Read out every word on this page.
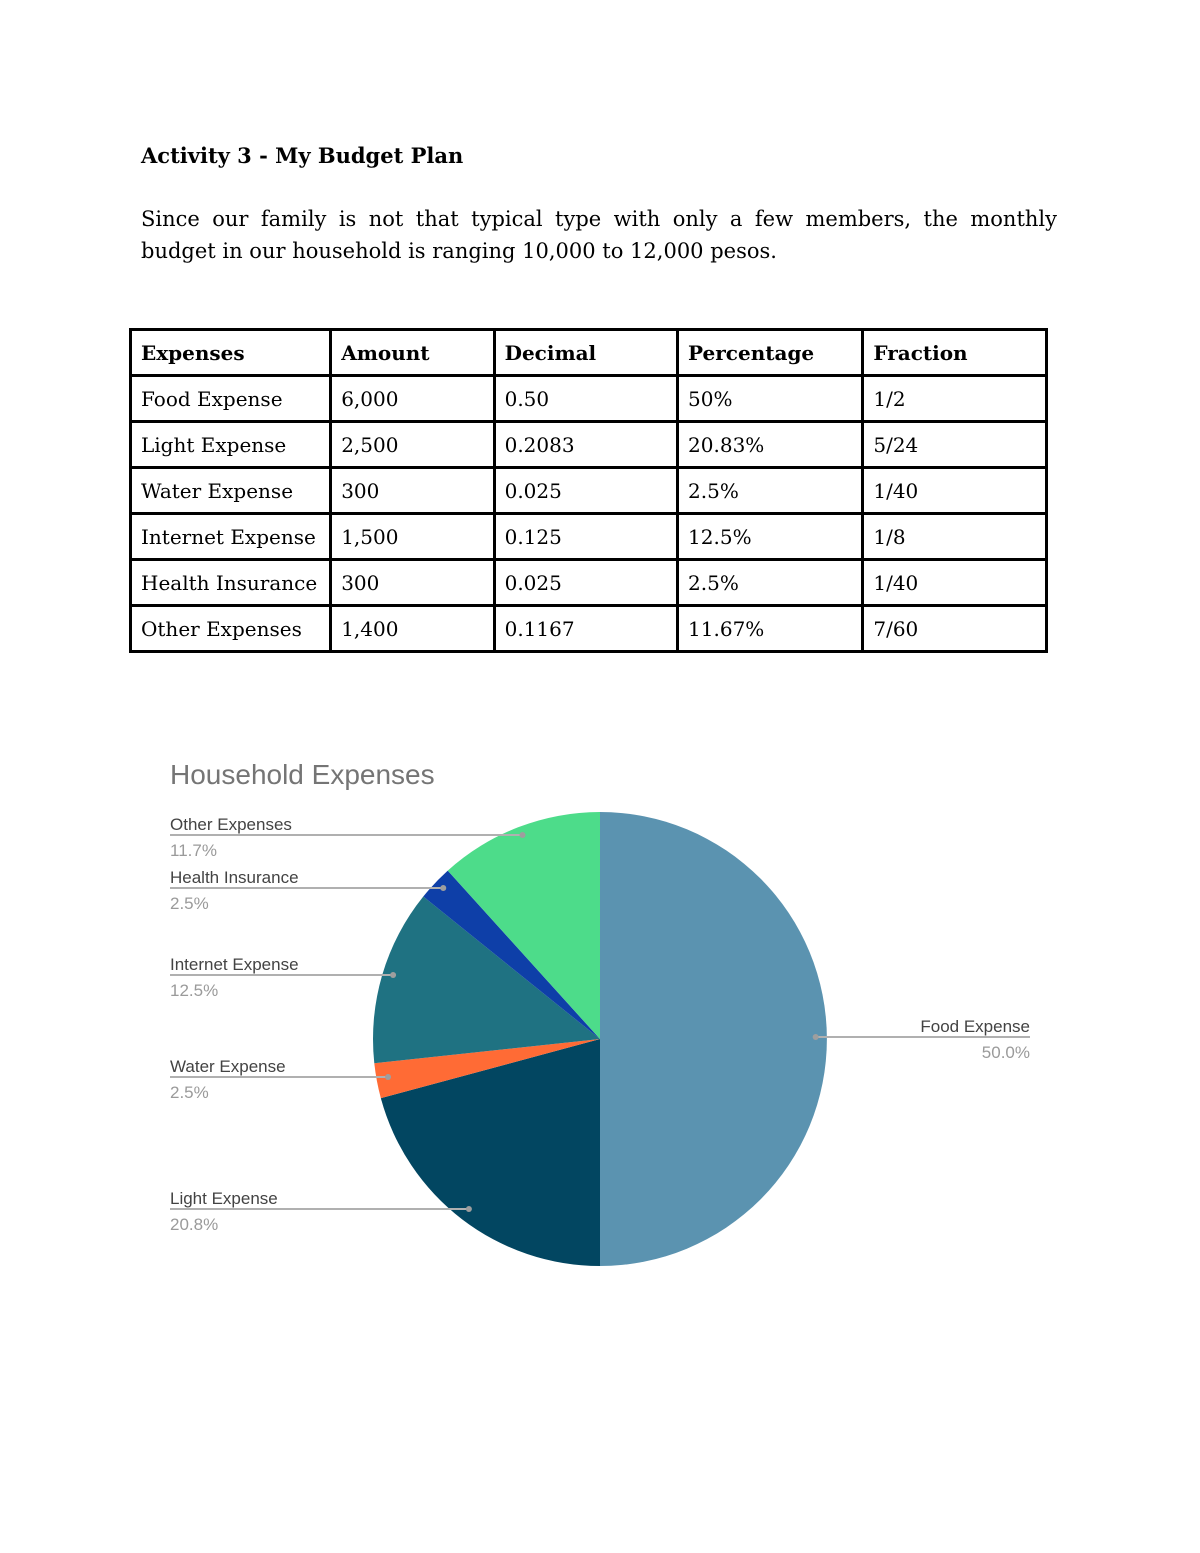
Activity 3 - My Budget Plan
Since our family is not that typical type with only a few members, the monthly budget in our household is ranging 10,000 to 12,000 pesos.
Expenses	Amount	Decimal	Percentage	Fraction
Food Expense	6,000	0.50	50%	1/2
Light Expense	2,500	0.2083	20.83%	5/24
Water Expense	300	0.025	2.5%	1/40
Internet Expense	1,500	0.125	12.5%	1/8
Health Insurance	300	0.025	2.5%	1/40
Other Expenses	1,400	0.1167	11.67%	7/60
Household Expenses
Food Expense
50.0%
Light Expense
20.8%
Water Expense
2.5%
Internet Expense
12.5%
Health Insurance
2.5%
Other Expenses
11.7%
